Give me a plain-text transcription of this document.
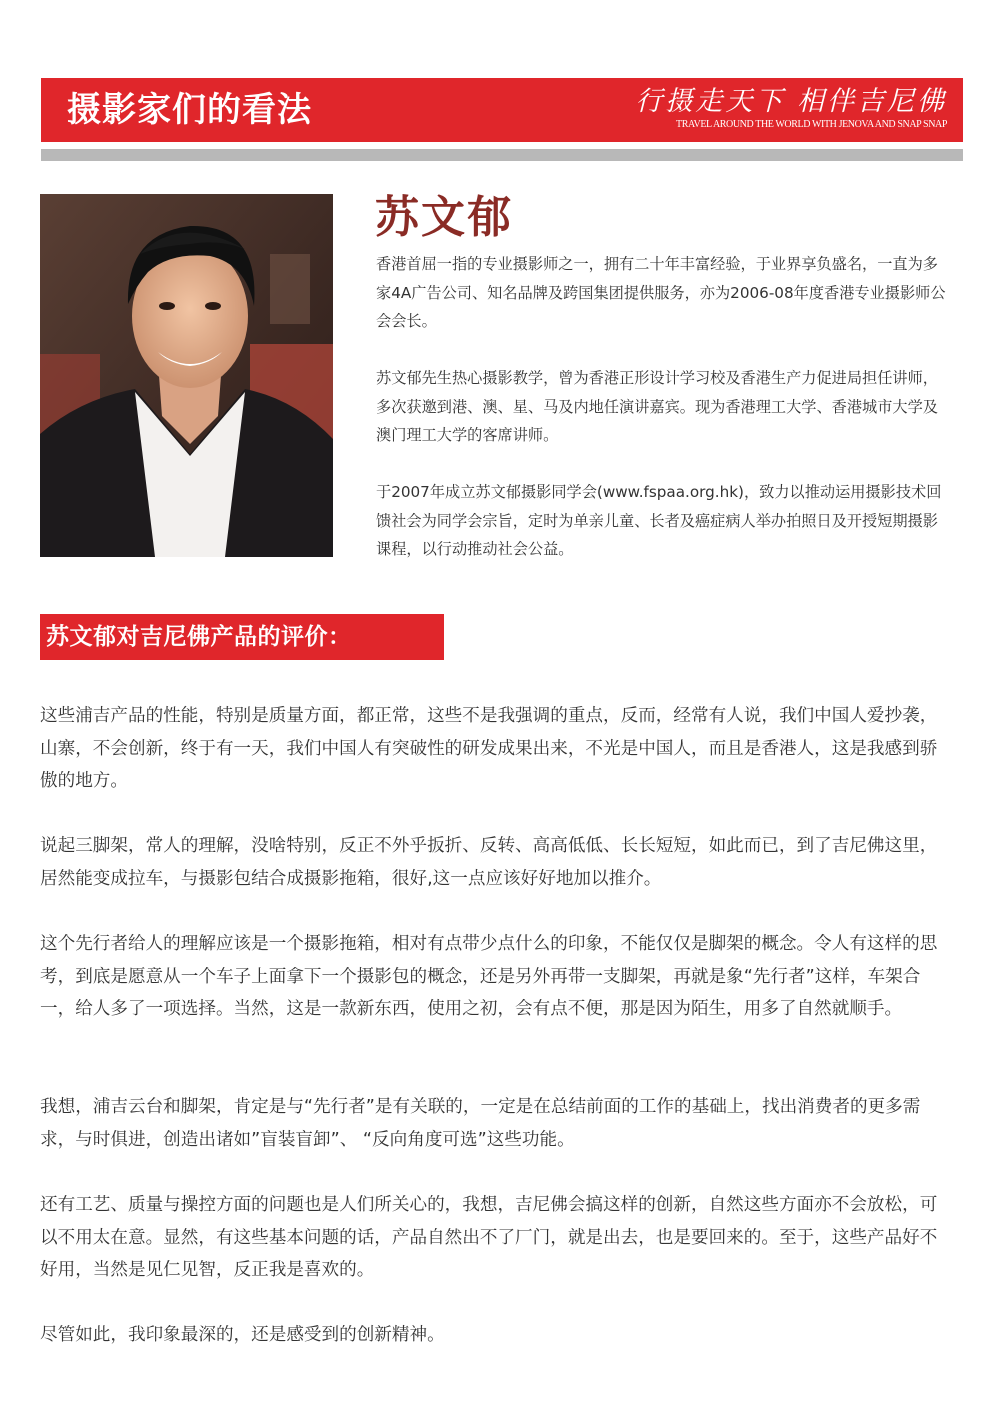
摄影家们的看法	行摄走天下 相伴吉尼佛
TRAVEL AROUND THE WORLD WITH JENOVA AND SNAP SNAP
苏文郁

香港首屈一指的专业摄影师之一，拥有二十年丰富经验，于业界享负盛名，一直为多家4A广告公司、知名品牌及跨国集团提供服务，亦为2006-08年度香港专业摄影师公会会长。

苏文郁先生热心摄影教学，曾为香港正形设计学习校及香港生产力促进局担任讲师，多次获邀到港、澳、星、马及内地任演讲嘉宾。现为香港理工大学、香港城市大学及澳门理工大学的客席讲师。

于2007年成立苏文郁摄影同学会(www.fspaa.org.hk)，致力以推动运用摄影技术回馈社会为同学会宗旨，定时为单亲儿童、长者及癌症病人举办拍照日及开授短期摄影课程，以行动推动社会公益。

苏文郁对吉尼佛产品的评价：

这些浦吉产品的性能，特别是质量方面，都正常，这些不是我强调的重点，反而，经常有人说，我们中国人爱抄袭，山寨，不会创新，终于有一天，我们中国人有突破性的研发成果出来，不光是中国人，而且是香港人，这是我感到骄傲的地方。

说起三脚架，常人的理解，没啥特别，反正不外乎扳折、反转、高高低低、长长短短，如此而已，到了吉尼佛这里，居然能变成拉车，与摄影包结合成摄影拖箱，很好,这一点应该好好地加以推介。

这个先行者给人的理解应该是一个摄影拖箱，相对有点带少点什么的印象，不能仅仅是脚架的概念。令人有这样的思考，到底是愿意从一个车子上面拿下一个摄影包的概念，还是另外再带一支脚架，再就是象“先行者”这样，车架合一，给人多了一项选择。当然，这是一款新东西，使用之初，会有点不便，那是因为陌生，用多了自然就顺手。

我想，浦吉云台和脚架，肯定是与“先行者”是有关联的，一定是在总结前面的工作的基础上，找出消费者的更多需求，与时俱进，创造出诸如”盲装盲卸”、 “反向角度可选”这些功能。

还有工艺、质量与操控方面的问题也是人们所关心的，我想，吉尼佛会搞这样的创新，自然这些方面亦不会放松，可以不用太在意。显然，有这些基本问题的话，产品自然出不了厂门，就是出去，也是要回来的。至于，这些产品好不好用，当然是见仁见智，反正我是喜欢的。

尽管如此，我印象最深的，还是感受到的创新精神。
